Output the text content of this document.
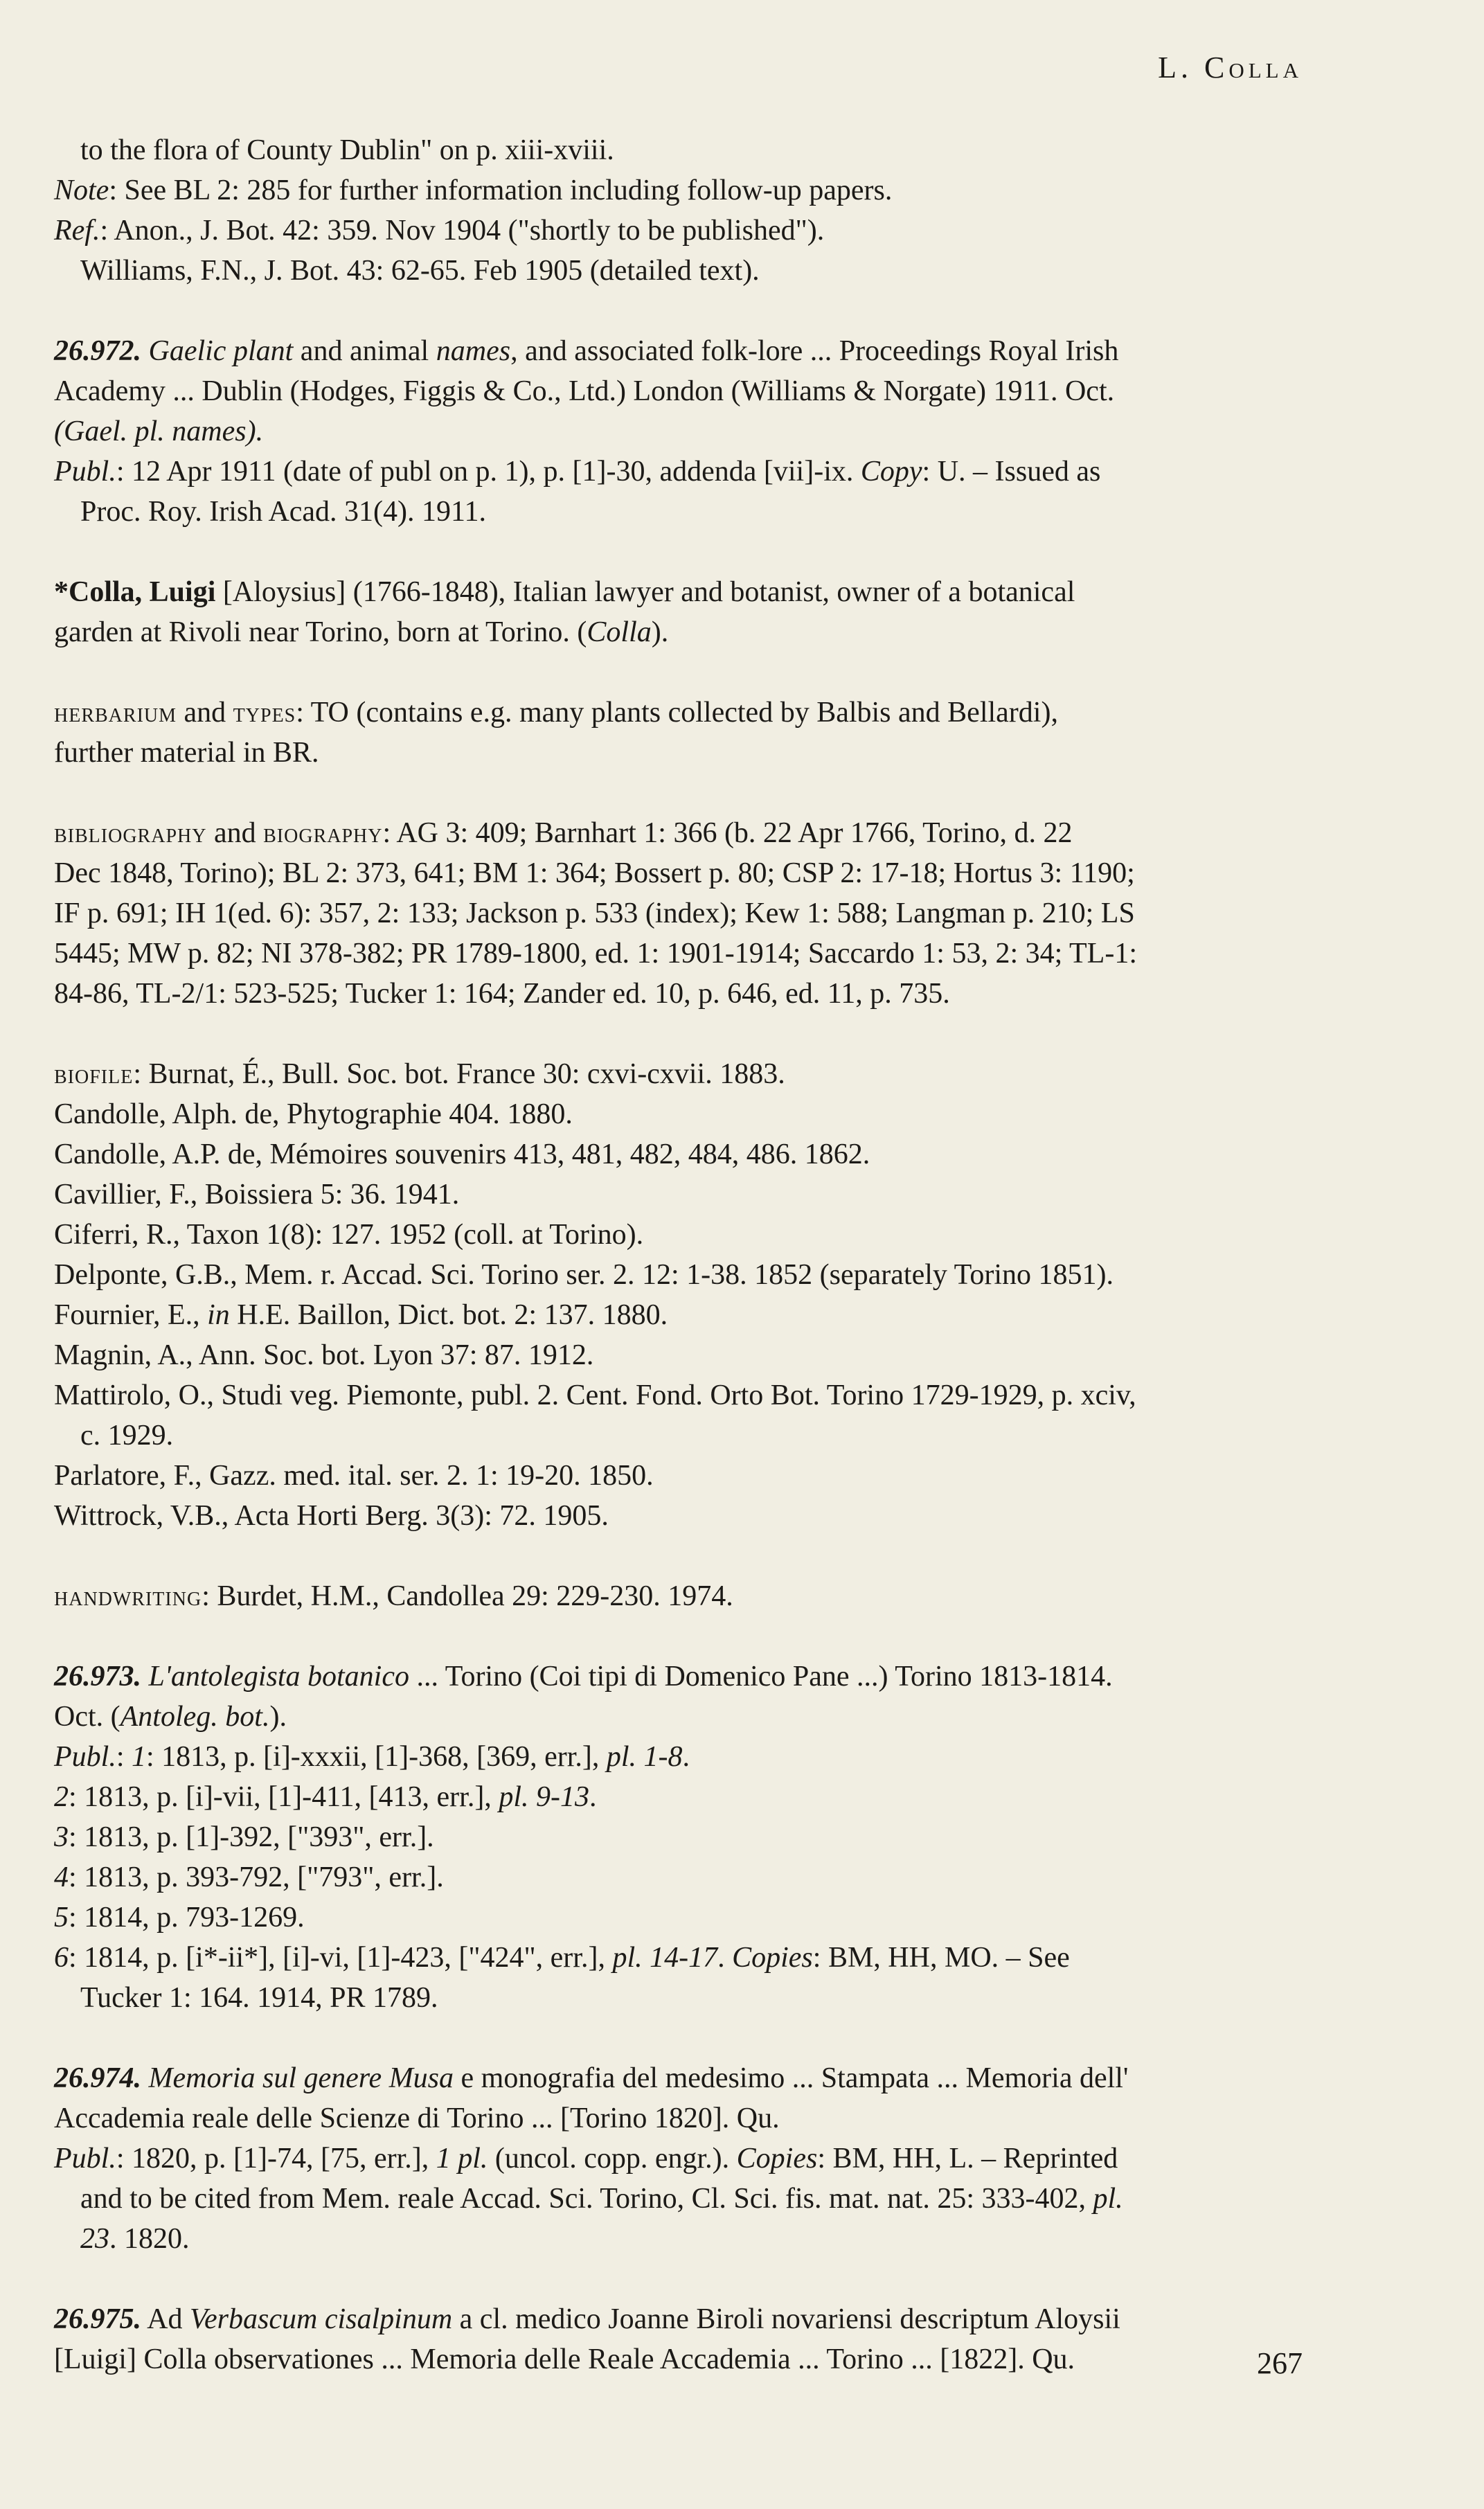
L. Colla
to the flora of County Dublin" on p. xiii-xviii.
Note: See BL 2: 285 for further information including follow-up papers.
Ref.: Anon., J. Bot. 42: 359. Nov 1904 ("shortly to be published").
Williams, F.N., J. Bot. 43: 62-65. Feb 1905 (detailed text).
26.972. Gaelic plant and animal names, and associated folk-lore ... Proceedings Royal Irish
Academy ... Dublin (Hodges, Figgis & Co., Ltd.) London (Williams & Norgate) 1911. Oct.
(Gael. pl. names).
Publ.: 12 Apr 1911 (date of publ on p. 1), p. [1]-30, addenda [vii]-ix. Copy: U. – Issued as
Proc. Roy. Irish Acad. 31(4). 1911.
*Colla, Luigi [Aloysius] (1766-1848), Italian lawyer and botanist, owner of a botanical
garden at Rivoli near Torino, born at Torino. (Colla).
herbarium and types: TO (contains e.g. many plants collected by Balbis and Bellardi),
further material in BR.
bibliography and biography: AG 3: 409; Barnhart 1: 366 (b. 22 Apr 1766, Torino, d. 22
Dec 1848, Torino); BL 2: 373, 641; BM 1: 364; Bossert p. 80; CSP 2: 17-18; Hortus 3: 1190;
IF p. 691; IH 1(ed. 6): 357, 2: 133; Jackson p. 533 (index); Kew 1: 588; Langman p. 210; LS
5445; MW p. 82; NI 378-382; PR 1789-1800, ed. 1: 1901-1914; Saccardo 1: 53, 2: 34; TL-1:
84-86, TL-2/1: 523-525; Tucker 1: 164; Zander ed. 10, p. 646, ed. 11, p. 735.
biofile: Burnat, É., Bull. Soc. bot. France 30: cxvi-cxvii. 1883.
Candolle, Alph. de, Phytographie 404. 1880.
Candolle, A.P. de, Mémoires souvenirs 413, 481, 482, 484, 486. 1862.
Cavillier, F., Boissiera 5: 36. 1941.
Ciferri, R., Taxon 1(8): 127. 1952 (coll. at Torino).
Delponte, G.B., Mem. r. Accad. Sci. Torino ser. 2. 12: 1-38. 1852 (separately Torino 1851).
Fournier, E., in H.E. Baillon, Dict. bot. 2: 137. 1880.
Magnin, A., Ann. Soc. bot. Lyon 37: 87. 1912.
Mattirolo, O., Studi veg. Piemonte, publ. 2. Cent. Fond. Orto Bot. Torino 1729-1929, p. xciv,
c. 1929.
Parlatore, F., Gazz. med. ital. ser. 2. 1: 19-20. 1850.
Wittrock, V.B., Acta Horti Berg. 3(3): 72. 1905.
handwriting: Burdet, H.M., Candollea 29: 229-230. 1974.
26.973. L'antolegista botanico ... Torino (Coi tipi di Domenico Pane ...) Torino 1813-1814.
Oct. (Antoleg. bot.).
Publ.: 1: 1813, p. [i]-xxxii, [1]-368, [369, err.], pl. 1-8.
2: 1813, p. [i]-vii, [1]-411, [413, err.], pl. 9-13.
3: 1813, p. [1]-392, ["393", err.].
4: 1813, p. 393-792, ["793", err.].
5: 1814, p. 793-1269.
6: 1814, p. [i*-ii*], [i]-vi, [1]-423, ["424", err.], pl. 14-17. Copies: BM, HH, MO. – See
Tucker 1: 164. 1914, PR 1789.
26.974. Memoria sul genere Musa e monografia del medesimo ... Stampata ... Memoria dell'
Accademia reale delle Scienze di Torino ... [Torino 1820]. Qu.
Publ.: 1820, p. [1]-74, [75, err.], 1 pl. (uncol. copp. engr.). Copies: BM, HH, L. – Reprinted
and to be cited from Mem. reale Accad. Sci. Torino, Cl. Sci. fis. mat. nat. 25: 333-402, pl.
23. 1820.
26.975. Ad Verbascum cisalpinum a cl. medico Joanne Biroli novariensi descriptum Aloysii
[Luigi] Colla observationes ... Memoria delle Reale Accademia ... Torino ... [1822]. Qu.	267
